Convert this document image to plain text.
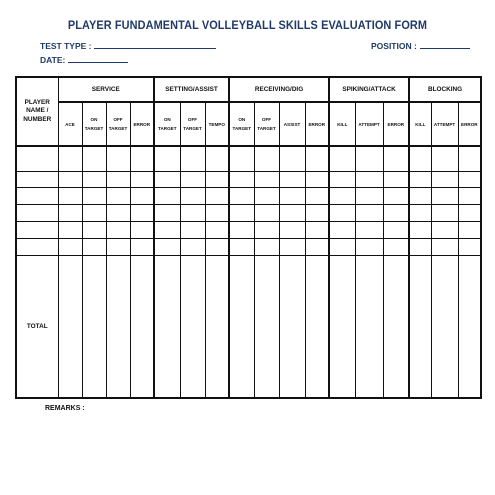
PLAYER FUNDAMENTAL VOLLEYBALL SKILLS EVALUATION FORM
TEST TYPE :	POSITION :
DATE:
PLAYER NAME / NUMBER	SERVICE				SETTING/ASSIST			RECEIVING/DIG				SPIKING/ATTACK			BLOCKING		
	ACE	ON TARGET	OFF TARGET	ERROR	ON TARGET	OFF TARGET	TEMPO	ON TARGET	OFF TARGET	ASSIST	ERROR	KILL	ATTEMPT	ERROR	KILL	ATTEMPT	ERROR

TOTAL																	
REMARKS :
